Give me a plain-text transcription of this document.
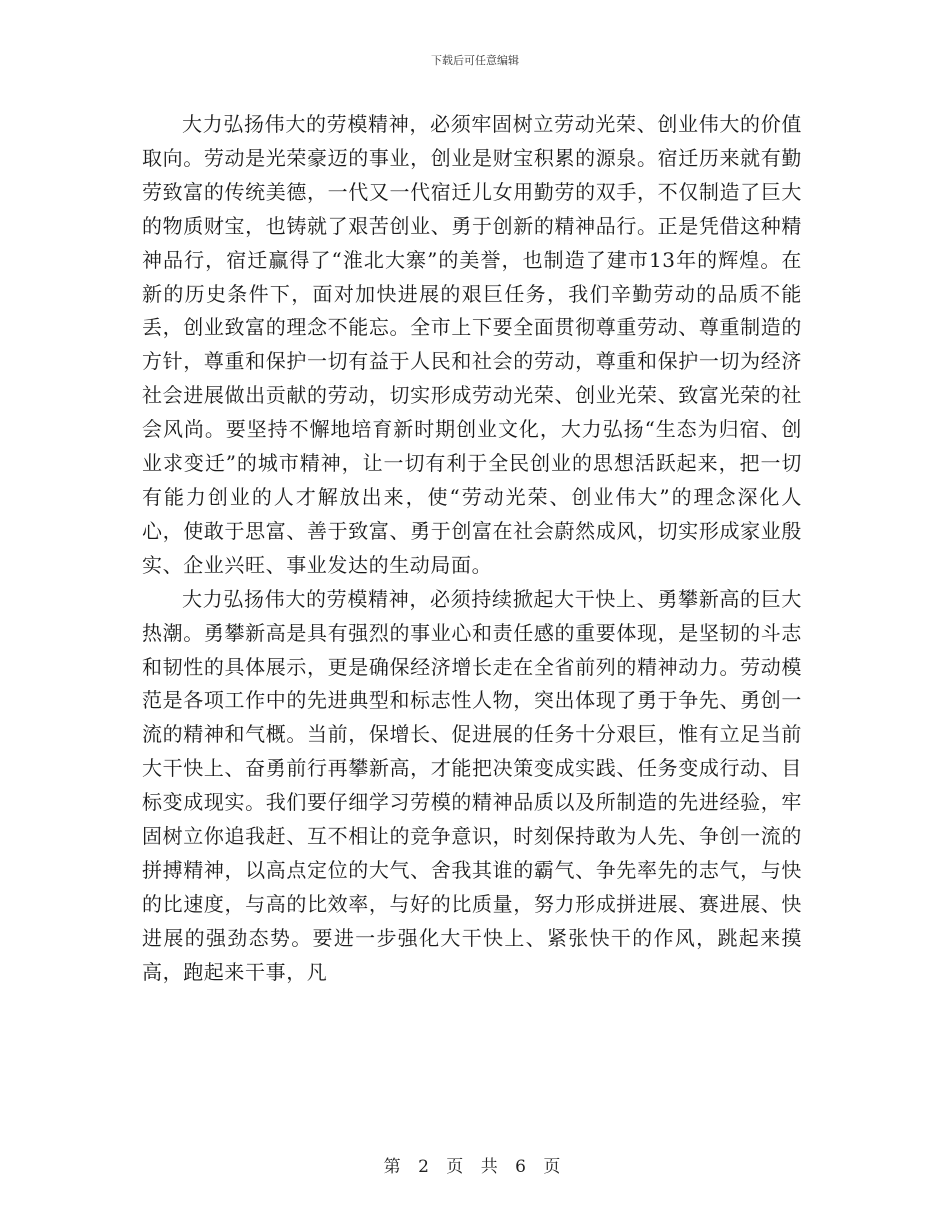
下载后可任意编辑

大力弘扬伟大的劳模精神，必须牢固树立劳动光荣、创业伟大的价值取向。劳动是光荣豪迈的事业，创业是财宝积累的源泉。宿迁历来就有勤劳致富的传统美德，一代又一代宿迁儿女用勤劳的双手，不仅制造了巨大的物质财宝，也铸就了艰苦创业、勇于创新的精神品行。正是凭借这种精神品行，宿迁赢得了“淮北大寨”的美誉，也制造了建市13年的辉煌。在新的历史条件下，面对加快进展的艰巨任务，我们辛勤劳动的品质不能丢，创业致富的理念不能忘。全市上下要全面贯彻尊重劳动、尊重制造的方针，尊重和保护一切有益于人民和社会的劳动，尊重和保护一切为经济社会进展做出贡献的劳动，切实形成劳动光荣、创业光荣、致富光荣的社会风尚。要坚持不懈地培育新时期创业文化，大力弘扬“生态为归宿、创业求变迁”的城市精神，让一切有利于全民创业的思想活跃起来，把一切有能力创业的人才解放出来，使“劳动光荣、创业伟大”的理念深化人心，使敢于思富、善于致富、勇于创富在社会蔚然成风，切实形成家业殷实、企业兴旺、事业发达的生动局面。

大力弘扬伟大的劳模精神，必须持续掀起大干快上、勇攀新高的巨大热潮。勇攀新高是具有强烈的事业心和责任感的重要体现，是坚韧的斗志和韧性的具体展示，更是确保经济增长走在全省前列的精神动力。劳动模范是各项工作中的先进典型和标志性人物，突出体现了勇于争先、勇创一流的精神和气概。当前，保增长、促进展的任务十分艰巨，惟有立足当前大干快上、奋勇前行再攀新高，才能把决策变成实践、任务变成行动、目标变成现实。我们要仔细学习劳模的精神品质以及所制造的先进经验，牢固树立你追我赶、互不相让的竞争意识，时刻保持敢为人先、争创一流的拼搏精神，以高点定位的大气、舍我其谁的霸气、争先率先的志气，与快的比速度，与高的比效率，与好的比质量，努力形成拼进展、赛进展、快进展的强劲态势。要进一步强化大干快上、紧张快干的作风，跳起来摸高，跑起来干事，凡

第 2 页 共 6 页
